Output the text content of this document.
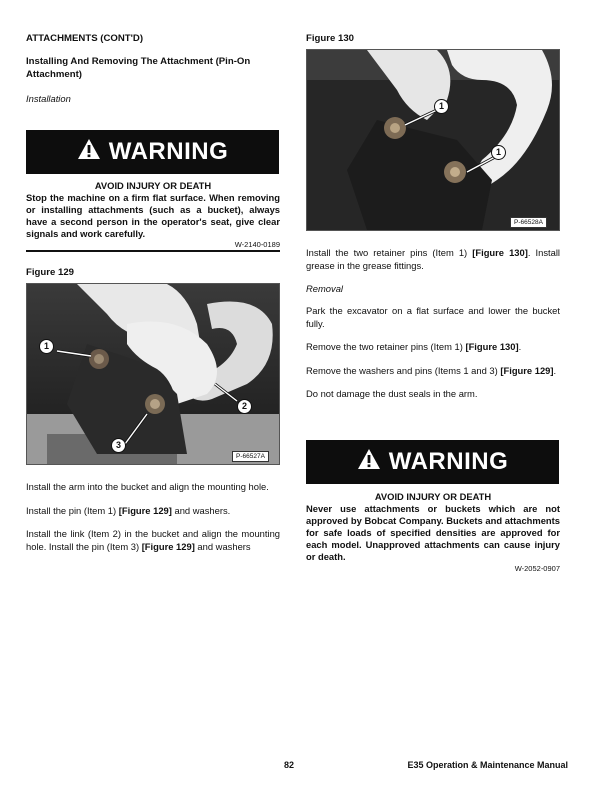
ATTACHMENTS (CONT'D)

Installing And Removing The Attachment (Pin-On Attachment)

Installation

WARNING

AVOID INJURY OR DEATH

Stop the machine on a firm flat surface. When removing or installing attachments (such as a bucket), always have a second person in the operator's seat, give clear signals and work carefully.

W-2140-0189

Figure 129

1
2
3
P-66527A

Install the arm into the bucket and align the mounting hole.

Install the pin (Item 1) [Figure 129] and washers.

Install the link (Item 2) in the bucket and align the mounting hole. Install the pin (Item 3) [Figure 129] and washers

Figure 130

1
1
P-66528A

Install the two retainer pins (Item 1) [Figure 130]. Install grease in the grease fittings.

Removal

Park the excavator on a flat surface and lower the bucket fully.

Remove the two retainer pins (Item 1) [Figure 130].

Remove the washers and pins (Items 1 and 3) [Figure 129].

Do not damage the dust seals in the arm.

WARNING

AVOID INJURY OR DEATH

Never use attachments or buckets which are not approved by Bobcat Company. Buckets and attachments for safe loads of specified densities are approved for each model. Unapproved attachments can cause injury or death.

W-2052-0907

82	E35 Operation & Maintenance Manual
